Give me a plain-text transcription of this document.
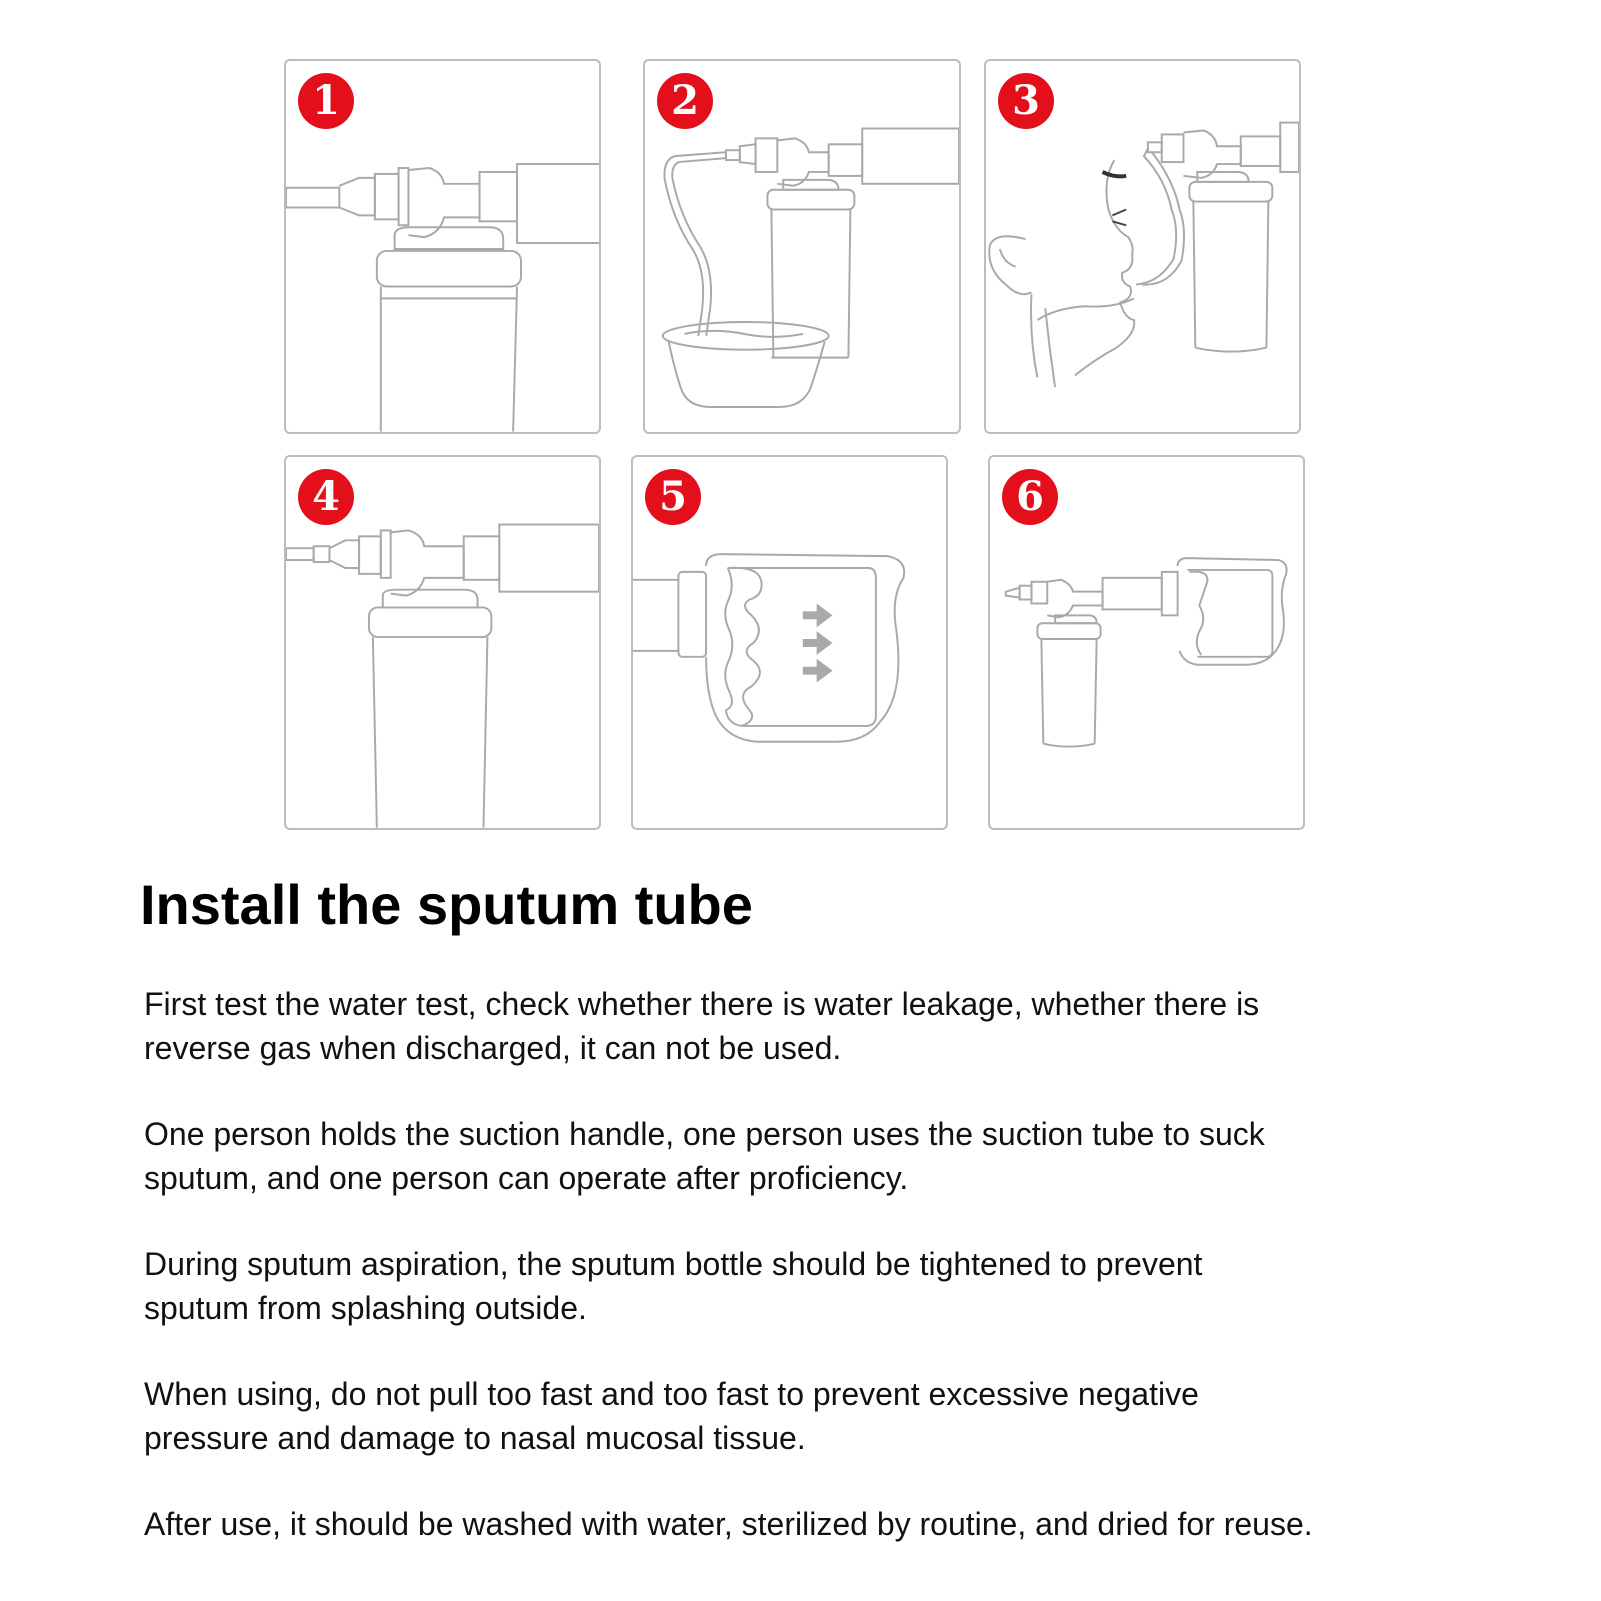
1	2	3
4	5	6
Install the sputum tube

First test the water test, check whether there is water leakage, whether there is
reverse gas when discharged, it can not be used.

One person holds the suction handle, one person uses the suction tube to suck
sputum, and one person can operate after proficiency.

During sputum aspiration, the sputum bottle should be tightened to prevent
sputum from splashing outside.

When using, do not pull too fast and too fast to prevent excessive negative
pressure and damage to nasal mucosal tissue.

After use, it should be washed with water, sterilized by routine, and dried for reuse.
